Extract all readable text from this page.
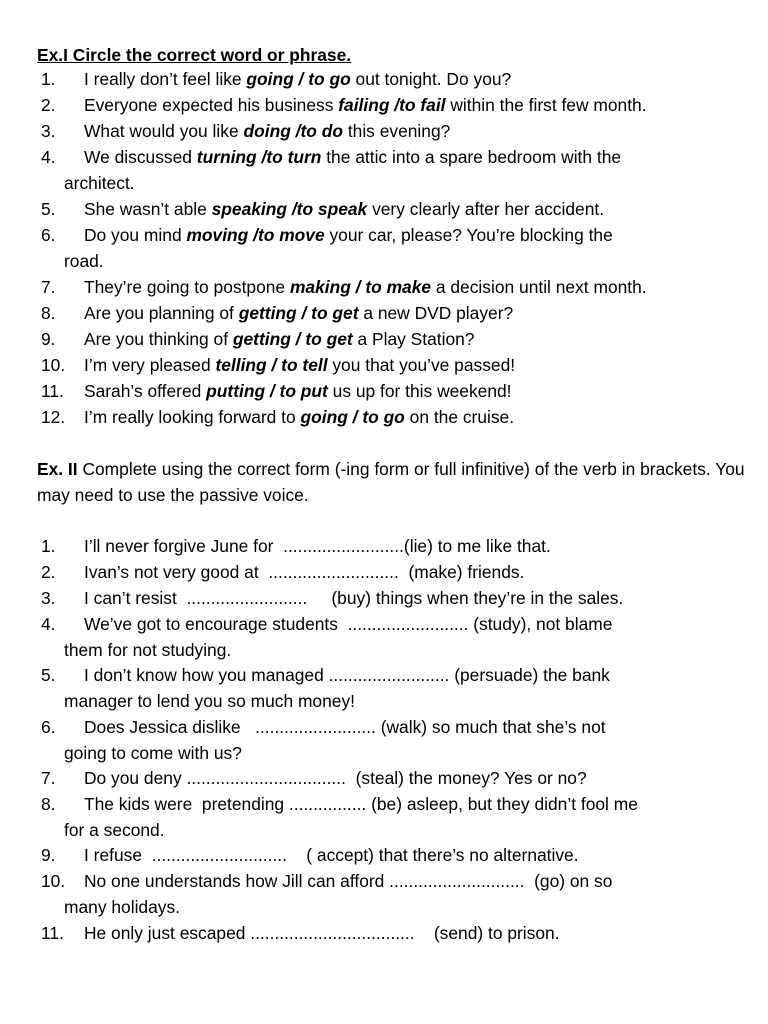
Ex.I Circle the correct word or phrase.
1. I really don’t feel like going / to go out tonight. Do you?
2. Everyone expected his business failing /to fail within the first few month.
3. What would you like doing /to do this evening?
4. We discussed turning /to turn the attic into a spare bedroom with the
architect.
5. She wasn’t able speaking /to speak very clearly after her accident.
6. Do you mind moving /to move your car, please? You’re blocking the
road.
7. They’re going to postpone making / to make a decision until next month.
8. Are you planning of getting / to get a new DVD player?
9. Are you thinking of getting / to get a Play Station?
10. I’m very pleased telling / to tell you that you’ve passed!
11. Sarah’s offered putting / to put us up for this weekend!
12. I’m really looking forward to going / to go on the cruise.
Ex. II Complete using the correct form (-ing form or full infinitive) of the verb in brackets. You may need to use the passive voice.
1. I’ll never forgive June for  .........................(lie) to me like that.
2. Ivan’s not very good at  ...........................  (make) friends.
3. I can’t resist  .........................     (buy) things when they’re in the sales.
4. We’ve got to encourage students  ......................... (study), not blame
them for not studying.
5. I don’t know how you managed ......................... (persuade) the bank
manager to lend you so much money!
6. Does Jessica dislike   ......................... (walk) so much that she’s not
going to come with us?
7. Do you deny .................................  (steal) the money? Yes or no?
8. The kids were  pretending ................ (be) asleep, but they didn’t fool me
for a second.
9. I refuse  ............................    ( accept) that there’s no alternative.
10. No one understands how Jill can afford ............................  (go) on so
many holidays.
11. He only just escaped ..................................    (send) to prison.
